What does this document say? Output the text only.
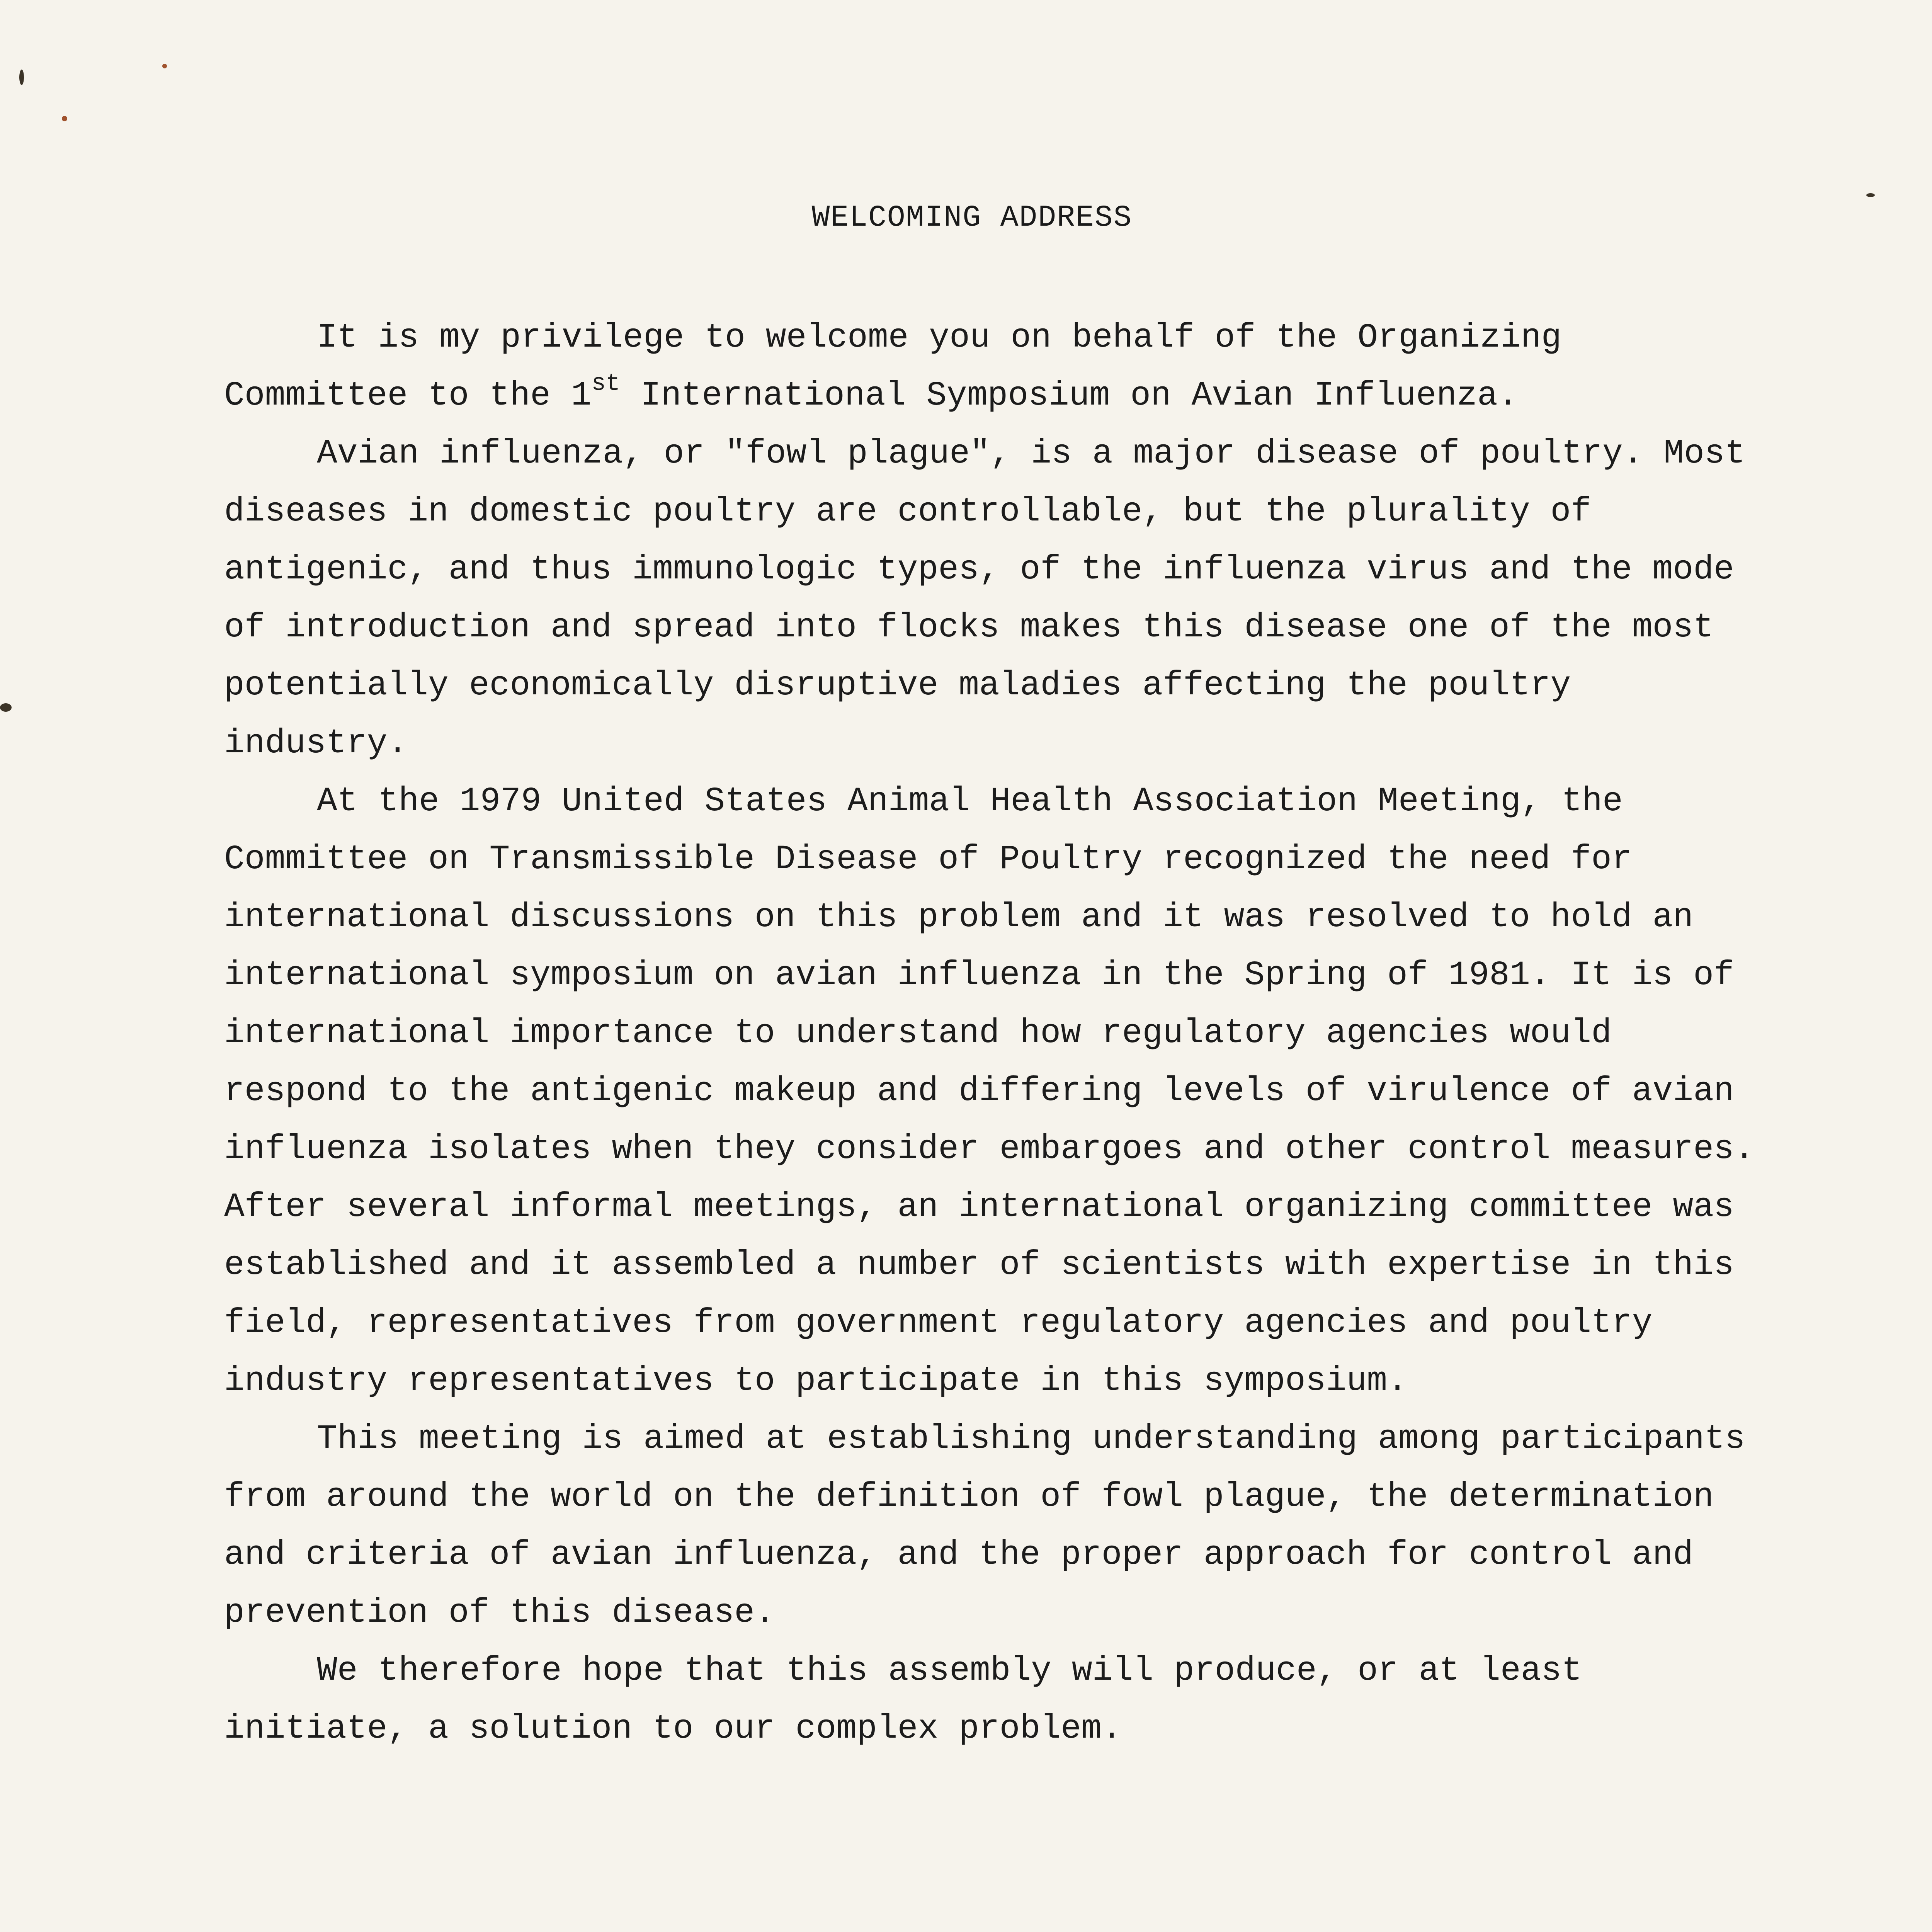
WELCOMING ADDRESS

It is my privilege to welcome you on behalf of the Organizing Committee to the 1st International Symposium on Avian Influenza.

Avian influenza, or "fowl plague", is a major disease of poultry. Most diseases in domestic poultry are controllable, but the plurality of antigenic, and thus immunologic types, of the influenza virus and the mode of introduction and spread into flocks makes this disease one of the most potentially economically disruptive maladies affecting the poultry industry.

At the 1979 United States Animal Health Association Meeting, the Committee on Transmissible Disease of Poultry recognized the need for international discussions on this problem and it was resolved to hold an international symposium on avian influenza in the Spring of 1981. It is of international importance to understand how regulatory agencies would respond to the antigenic makeup and differing levels of virulence of avian influenza isolates when they consider embargoes and other control measures. After several informal meetings, an international organizing committee was established and it assembled a number of scientists with expertise in this field, representatives from government regulatory agencies and poultry industry representatives to participate in this symposium.

This meeting is aimed at establishing understanding among participants from around the world on the definition of fowl plague, the determination and criteria of avian influenza, and the proper approach for control and prevention of this disease.

We therefore hope that this assembly will produce, or at least initiate, a solution to our complex problem.
